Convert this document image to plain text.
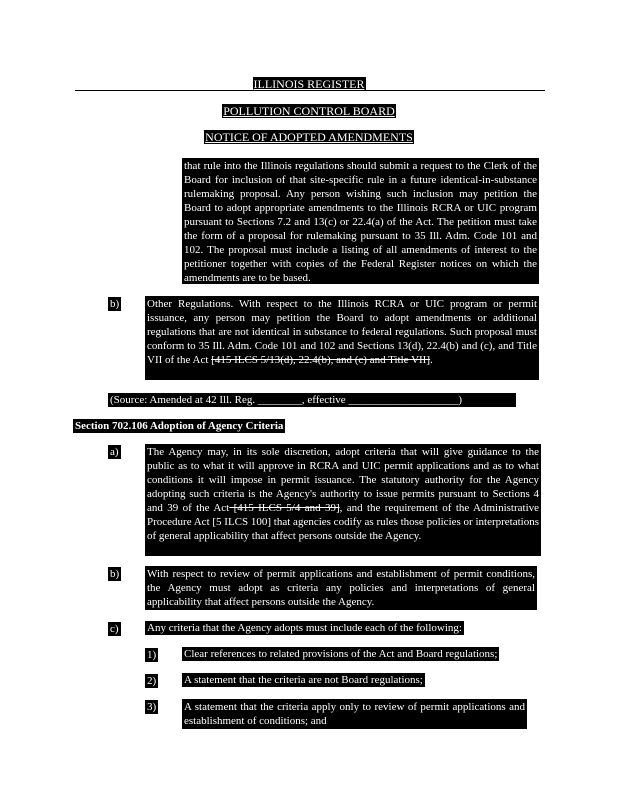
ILLINOIS REGISTER
POLLUTION CONTROL BOARD
NOTICE OF ADOPTED AMENDMENTS
that rule into the Illinois regulations should submit a request to the Clerk of the Board for inclusion of that site-specific rule in a future identical-in-substance rulemaking proposal. Any person wishing such inclusion may petition the Board to adopt appropriate amendments to the Illinois RCRA or UIC program pursuant to Sections 7.2 and 13(c) or 22.4(a) of the Act. The petition must take the form of a proposal for rulemaking pursuant to 35 Ill. Adm. Code 101 and 102. The proposal must include a listing of all amendments of interest to the petitioner together with copies of the Federal Register notices on which the amendments are to be based.
b)	Other Regulations. With respect to the Illinois RCRA or UIC program or permit issuance, any person may petition the Board to adopt amendments or additional regulations that are not identical in substance to federal regulations. Such proposal must conform to 35 Ill. Adm. Code 101 and 102 and Sections 13(d), 22.4(b) and (c), and Title VII of the Act [415 ILCS 5/13(d), 22.4(b), and (c) and Title VII].
(Source: Amended at 42 Ill. Reg. ________, effective ____________________)
Section 702.106 Adoption of Agency Criteria
a)	The Agency may, in its sole discretion, adopt criteria that will give guidance to the public as to what it will approve in RCRA and UIC permit applications and as to what conditions it will impose in permit issuance. The statutory authority for the Agency adopting such criteria is the Agency's authority to issue permits pursuant to Sections 4 and 39 of the Act [415 ILCS 5/4 and 39], and the requirement of the Administrative Procedure Act [5 ILCS 100] that agencies codify as rules those policies or interpretations of general applicability that affect persons outside the Agency.
b)	With respect to review of permit applications and establishment of permit conditions, the Agency must adopt as criteria any policies and interpretations of general applicability that affect persons outside the Agency.
c)	Any criteria that the Agency adopts must include each of the following:
1)	Clear references to related provisions of the Act and Board regulations;
2)	A statement that the criteria are not Board regulations;
3)	A statement that the criteria apply only to review of permit applications and establishment of conditions; and
